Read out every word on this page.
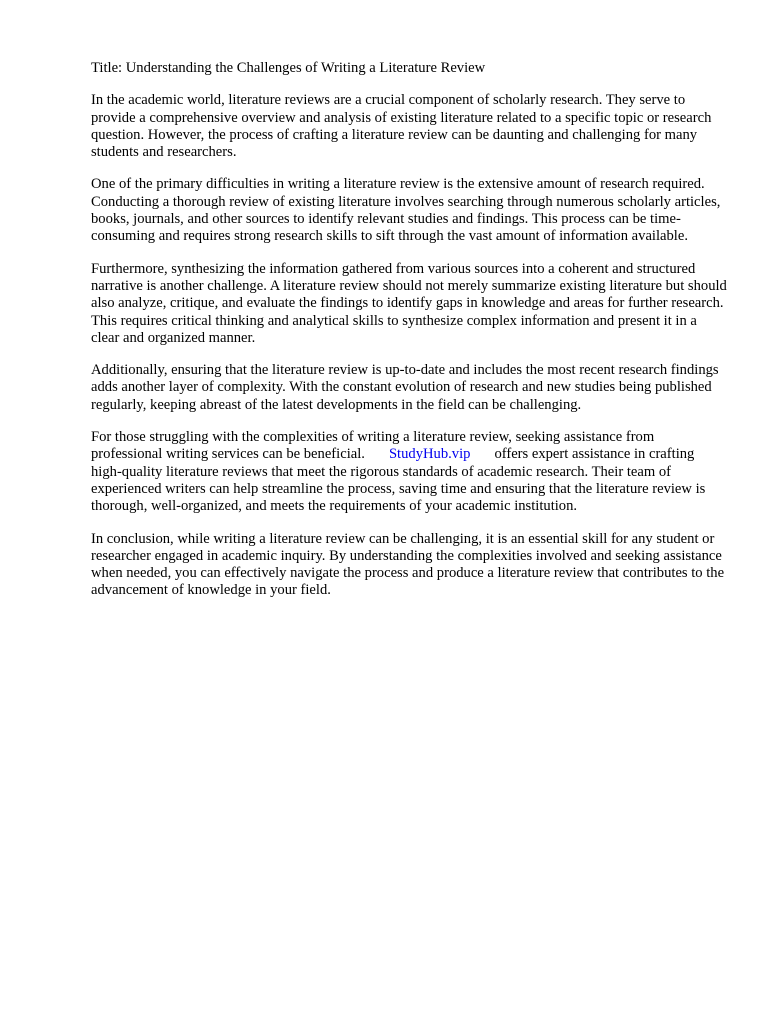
Title: Understanding the Challenges of Writing a Literature Review

In the academic world, literature reviews are a crucial component of scholarly research. They serve to provide a comprehensive overview and analysis of existing literature related to a specific topic or research question. However, the process of crafting a literature review can be daunting and challenging for many students and researchers.

One of the primary difficulties in writing a literature review is the extensive amount of research required. Conducting a thorough review of existing literature involves searching through numerous scholarly articles, books, journals, and other sources to identify relevant studies and findings. This process can be time-consuming and requires strong research skills to sift through the vast amount of information available.

Furthermore, synthesizing the information gathered from various sources into a coherent and structured narrative is another challenge. A literature review should not merely summarize existing literature but should also analyze, critique, and evaluate the findings to identify gaps in knowledge and areas for further research. This requires critical thinking and analytical skills to synthesize complex information and present it in a clear and organized manner.

Additionally, ensuring that the literature review is up-to-date and includes the most recent research findings adds another layer of complexity. With the constant evolution of research and new studies being published regularly, keeping abreast of the latest developments in the field can be challenging.

For those struggling with the complexities of writing a literature review, seeking assistance from professional writing services can be beneficial. StudyHub.vip offers expert assistance in crafting high-quality literature reviews that meet the rigorous standards of academic research. Their team of experienced writers can help streamline the process, saving time and ensuring that the literature review is thorough, well-organized, and meets the requirements of your academic institution.

In conclusion, while writing a literature review can be challenging, it is an essential skill for any student or researcher engaged in academic inquiry. By understanding the complexities involved and seeking assistance when needed, you can effectively navigate the process and produce a literature review that contributes to the advancement of knowledge in your field.
